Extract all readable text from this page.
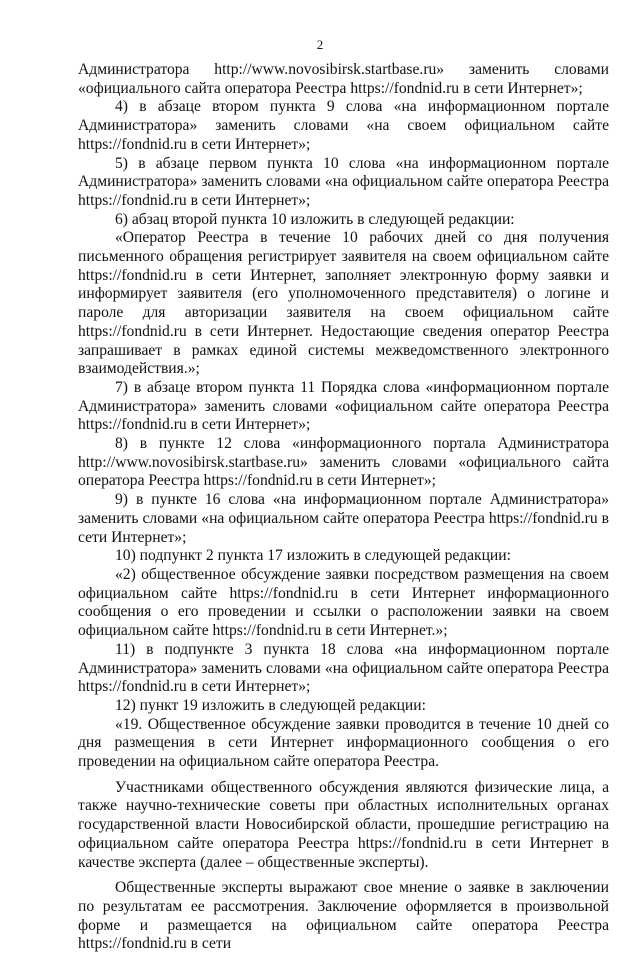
2

Администратора http://www.novosibirsk.startbase.ru» заменить словами «официального сайта оператора Реестра https://fondnid.ru в сети Интернет»;

4) в абзаце втором пункта 9 слова «на информационном портале Администратора» заменить словами «на своем официальном сайте https://fondnid.ru в сети Интернет»;

5) в абзаце первом пункта 10 слова «на информационном портале Администратора» заменить словами «на официальном сайте оператора Реестра https://fondnid.ru в сети Интернет»;

6) абзац второй пункта 10 изложить в следующей редакции:

«Оператор Реестра в течение 10 рабочих дней со дня получения письменного обращения регистрирует заявителя на своем официальном сайте https://fondnid.ru в сети Интернет, заполняет электронную форму заявки и информирует заявителя (его уполномоченного представителя) о логине и пароле для авторизации заявителя на своем официальном сайте https://fondnid.ru в сети Интернет. Недостающие сведения оператор Реестра запрашивает в рамках единой системы межведомственного электронного взаимодействия.»;

7) в абзаце втором пункта 11 Порядка слова «информационном портале Администратора» заменить словами «официальном сайте оператора Реестра https://fondnid.ru в сети Интернет»;

8) в пункте 12 слова «информационного портала Администратора http://www.novosibirsk.startbase.ru» заменить словами «официального сайта оператора Реестра https://fondnid.ru в сети Интернет»;

9) в пункте 16 слова «на информационном портале Администратора» заменить словами «на официальном сайте оператора Реестра https://fondnid.ru в сети Интернет»;

10) подпункт 2 пункта 17 изложить в следующей редакции:

«2) общественное обсуждение заявки посредством размещения на своем официальном сайте https://fondnid.ru в сети Интернет информационного сообщения о его проведении и ссылки о расположении заявки на своем официальном сайте https://fondnid.ru в сети Интернет.»;

11) в подпункте 3 пункта 18 слова «на информационном портале Администратора» заменить словами «на официальном сайте оператора Реестра https://fondnid.ru в сети Интернет»;

12) пункт 19 изложить в следующей редакции:

«19. Общественное обсуждение заявки проводится в течение 10 дней со дня размещения в сети Интернет информационного сообщения о его проведении на официальном сайте оператора Реестра.

Участниками общественного обсуждения являются физические лица, а также научно-технические советы при областных исполнительных органах государственной власти Новосибирской области, прошедшие регистрацию на официальном сайте оператора Реестра https://fondnid.ru в сети Интернет в качестве эксперта (далее – общественные эксперты).

Общественные эксперты выражают свое мнение о заявке в заключении по результатам ее рассмотрения. Заключение оформляется в произвольной форме и размещается на официальном сайте оператора Реестра https://fondnid.ru в сети
